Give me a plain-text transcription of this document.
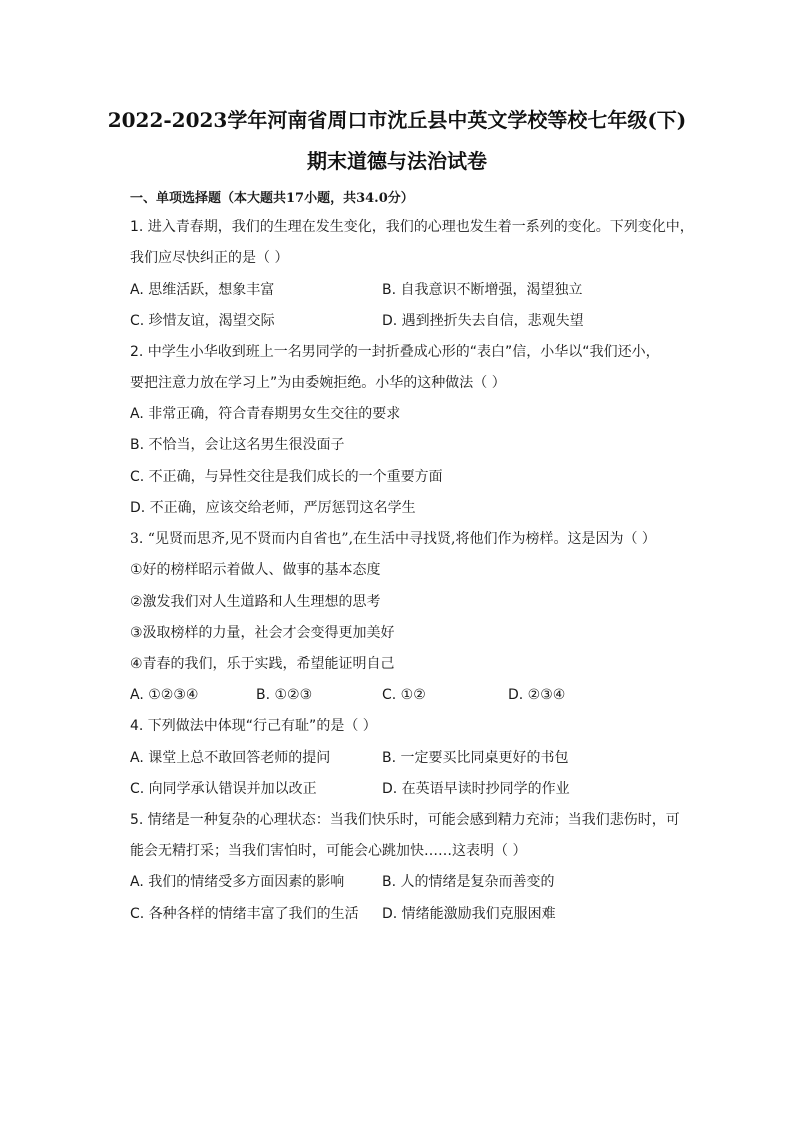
2022-2023学年河南省周口市沈丘县中英文学校等校七年级(下)
期末道德与法治试卷
一、单项选择题（本大题共17小题，共34.0分）
1. 进入青春期，我们的生理在发生变化，我们的心理也发生着一系列的变化。下列变化中，
我们应尽快纠正的是（ ）
A. 思维活跃，想象丰富	B. 自我意识不断增强，渴望独立
C. 珍惜友谊，渴望交际	D. 遇到挫折失去自信，悲观失望
2. 中学生小华收到班上一名男同学的一封折叠成心形的“表白”信，小华以“我们还小，
要把注意力放在学习上”为由委婉拒绝。小华的这种做法（ ）
A. 非常正确，符合青春期男女生交往的要求
B. 不恰当，会让这名男生很没面子
C. 不正确，与异性交往是我们成长的一个重要方面
D. 不正确，应该交给老师，严厉惩罚这名学生
3. “见贤而思齐,见不贤而内自省也”,在生活中寻找贤,将他们作为榜样。这是因为（ ）
①好的榜样昭示着做人、做事的基本态度
②激发我们对人生道路和人生理想的思考
③汲取榜样的力量，社会才会变得更加美好
④青春的我们，乐于实践，希望能证明自己
A. ①②③④	B. ①②③	C. ①②	D. ②③④
4. 下列做法中体现“行己有耻”的是（ ）
A. 课堂上总不敢回答老师的提问	B. 一定要买比同桌更好的书包
C. 向同学承认错误并加以改正	D. 在英语早读时抄同学的作业
5. 情绪是一种复杂的心理状态：当我们快乐时，可能会感到精力充沛；当我们悲伤时，可
能会无精打采；当我们害怕时，可能会心跳加快……这表明（ ）
A. 我们的情绪受多方面因素的影响	B. 人的情绪是复杂而善变的
C. 各种各样的情绪丰富了我们的生活 D. 情绪能激励我们克服困难
